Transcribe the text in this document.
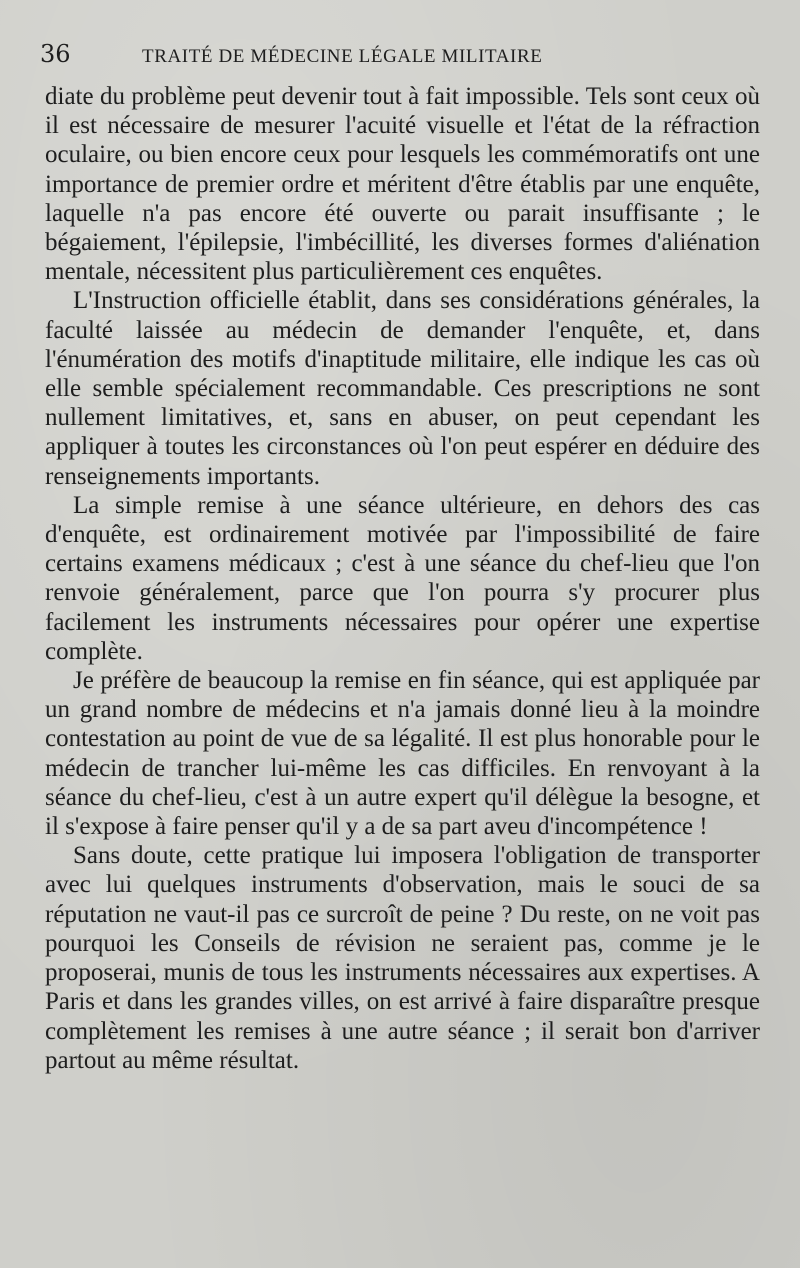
36	TRAITÉ DE MÉDECINE LÉGALE MILITAIRE

diate du problème peut devenir tout à fait impossible. Tels sont ceux où il est nécessaire de mesurer l'acuité visuelle et l'état de la réfraction oculaire, ou bien encore ceux pour lesquels les commémoratifs ont une importance de premier ordre et méritent d'être établis par une enquête, laquelle n'a pas encore été ouverte ou parait insuffisante ; le bégaiement, l'épilepsie, l'imbécillité, les diverses formes d'aliénation mentale, nécessitent plus particulièrement ces enquêtes.

L'Instruction officielle établit, dans ses considérations générales, la faculté laissée au médecin de demander l'enquête, et, dans l'énumération des motifs d'inaptitude militaire, elle indique les cas où elle semble spécialement recommandable. Ces prescriptions ne sont nullement limitatives, et, sans en abuser, on peut cependant les appliquer à toutes les circonstances où l'on peut espérer en déduire des renseignements importants.

La simple remise à une séance ultérieure, en dehors des cas d'enquête, est ordinairement motivée par l'impossibilité de faire certains examens médicaux ; c'est à une séance du chef-lieu que l'on renvoie généralement, parce que l'on pourra s'y procurer plus facilement les instruments nécessaires pour opérer une expertise complète.

Je préfère de beaucoup la remise en fin séance, qui est appliquée par un grand nombre de médecins et n'a jamais donné lieu à la moindre contestation au point de vue de sa légalité. Il est plus honorable pour le médecin de trancher lui-même les cas difficiles. En renvoyant à la séance du chef-lieu, c'est à un autre expert qu'il délègue la besogne, et il s'expose à faire penser qu'il y a de sa part aveu d'incompétence !

Sans doute, cette pratique lui imposera l'obligation de transporter avec lui quelques instruments d'observation, mais le souci de sa réputation ne vaut-il pas ce surcroît de peine ? Du reste, on ne voit pas pourquoi les Conseils de révision ne seraient pas, comme je le proposerai, munis de tous les instruments nécessaires aux expertises. A Paris et dans les grandes villes, on est arrivé à faire disparaître presque complètement les remises à une autre séance ; il serait bon d'arriver partout au même résultat.
